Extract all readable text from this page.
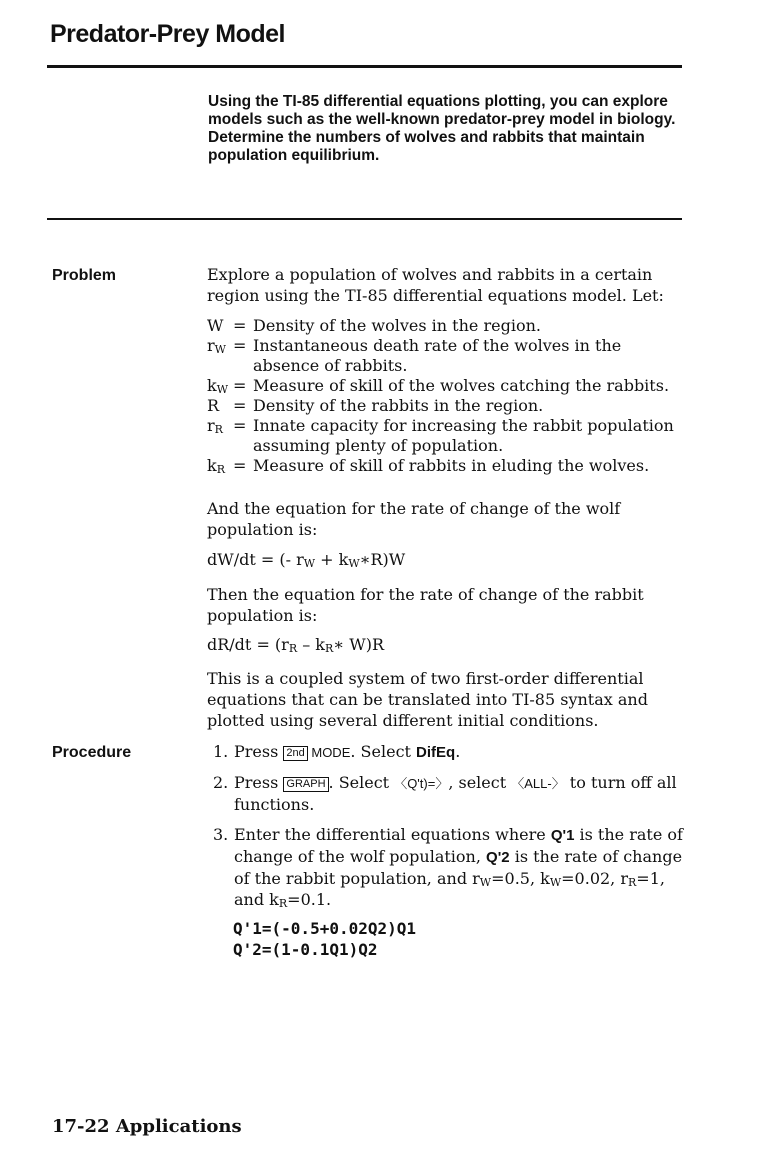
Predator-Prey Model
Using the TI-85 differential equations plotting, you can explore models such as the well-known predator-prey model in biology. Determine the numbers of wolves and rabbits that maintain population equilibrium.
Problem	Explore a population of wolves and rabbits in a certain region using the TI-85 differential equations model. Let:
W = Density of the wolves in the region.
$r_W$ = Instantaneous death rate of the wolves in the absence of rabbits.
$k_W$ = Measure of skill of the wolves catching the rabbits.
R = Density of the rabbits in the region.
$r_R$ = Innate capacity for increasing the rabbit population assuming plenty of population.
$k_R$ = Measure of skill of rabbits in eluding the wolves.
And the equation for the rate of change of the wolf population is:
dW/dt = (- $r_W$ + $k_W∗R)W$
Then the equation for the rate of change of the rabbit population is:
$dR/dt = (r_R$ – $k_R∗$ W)R
This is a coupled system of two first-order differential equations that can be translated into TI-85 syntax and plotted using several different initial conditions.
Procedure	1. Press 2nd MODE. Select DifEq.
2. Press GRAPH . Select 〈Q't)=〉, select 〈ALL-〉 to turn off all functions.
3. Enter the differential equations where Q'1 is the rate of change of the wolf population, Q'2 is the rate of change of the rabbit population, and $r_W=0.5$, $k_W=0.02$, $r_R=1$, and $k_R=0.1$.
Q'1=(-0.5+0.02Q2)Q1
Q'2=(1-0.1Q1)Q2
17-22 Applications
